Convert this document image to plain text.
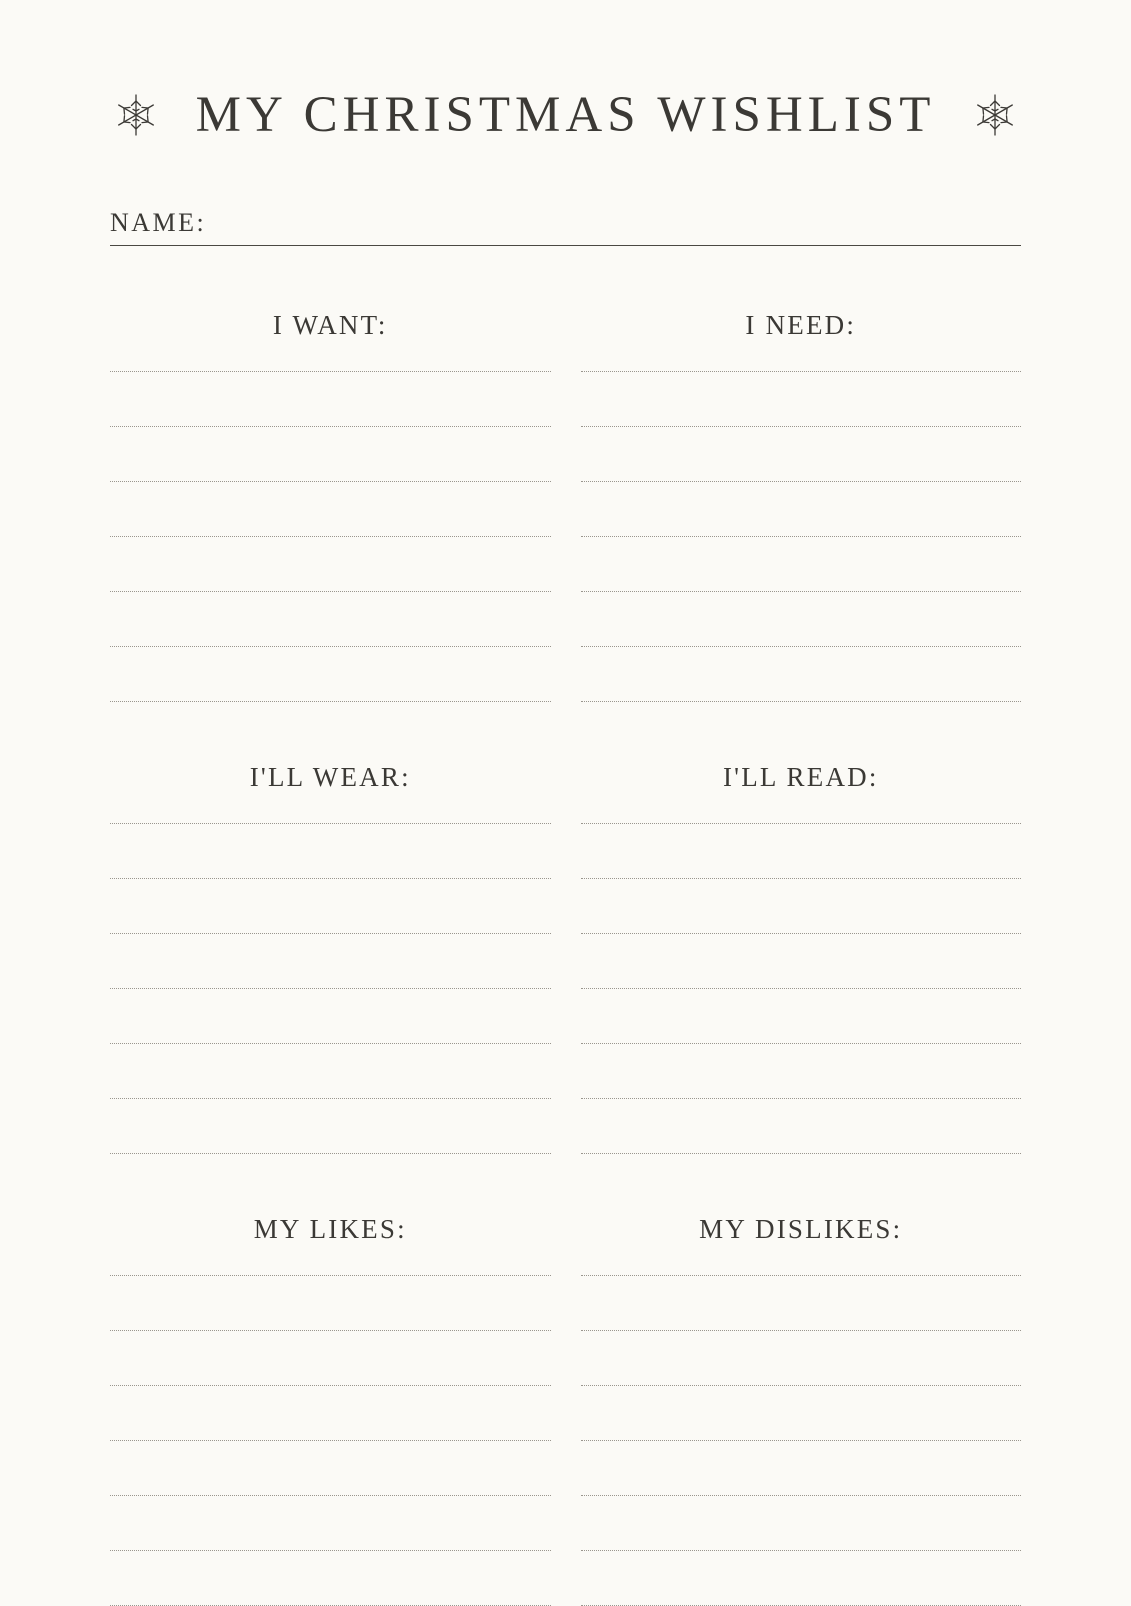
MY CHRISTMAS WISHLIST
NAME:
I WANT:	I NEED:
I'LL WEAR:	I'LL READ:
MY LIKES:	MY DISLIKES:
